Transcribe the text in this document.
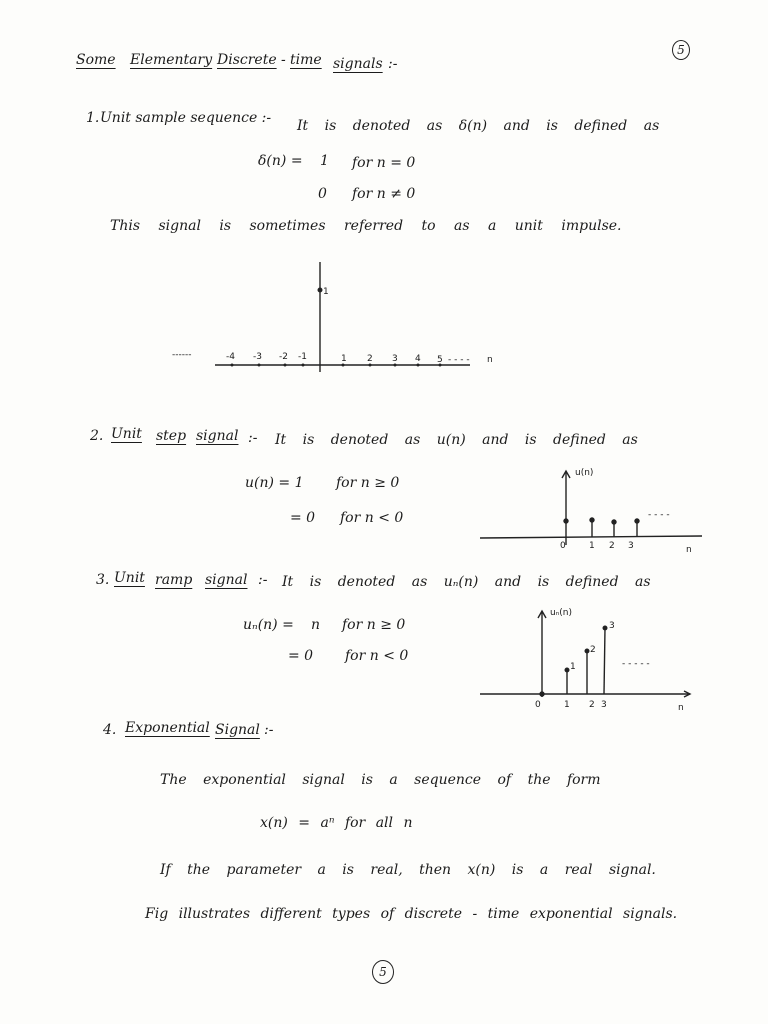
5
Some Elementary Discrete - time signals :-
1. Unit sample sequence :- It is denoted as δ(n) and is defined as
δ(n) = 1 for n = 0
0 for n ≠ 0
This signal is sometimes referred to as a unit impulse.
------
1
-4 -3 -2 -1	1 2 3 4 5 - - - - n
2. Unit step signal :- It is denoted as u(n) and is defined as
u(n) = 1 for n ≥ 0
= 0 for n < 0
u(n)
- - - -
0	1 2 3	n
3. Unit ramp signal :- It is denoted as uₙ(n) and is defined as
uₙ(n) = n for n ≥ 0
= 0 for n < 0
uₙ(n)
1
2
3
- - - - -
0	1 2 3	n
4. Exponential Signal :-
The exponential signal is a sequence of the form
x(n) = aⁿ for all n
If the parameter a is real, then x(n) is a real signal.
Fig illustrates different types of discrete - time exponential signals.
5
